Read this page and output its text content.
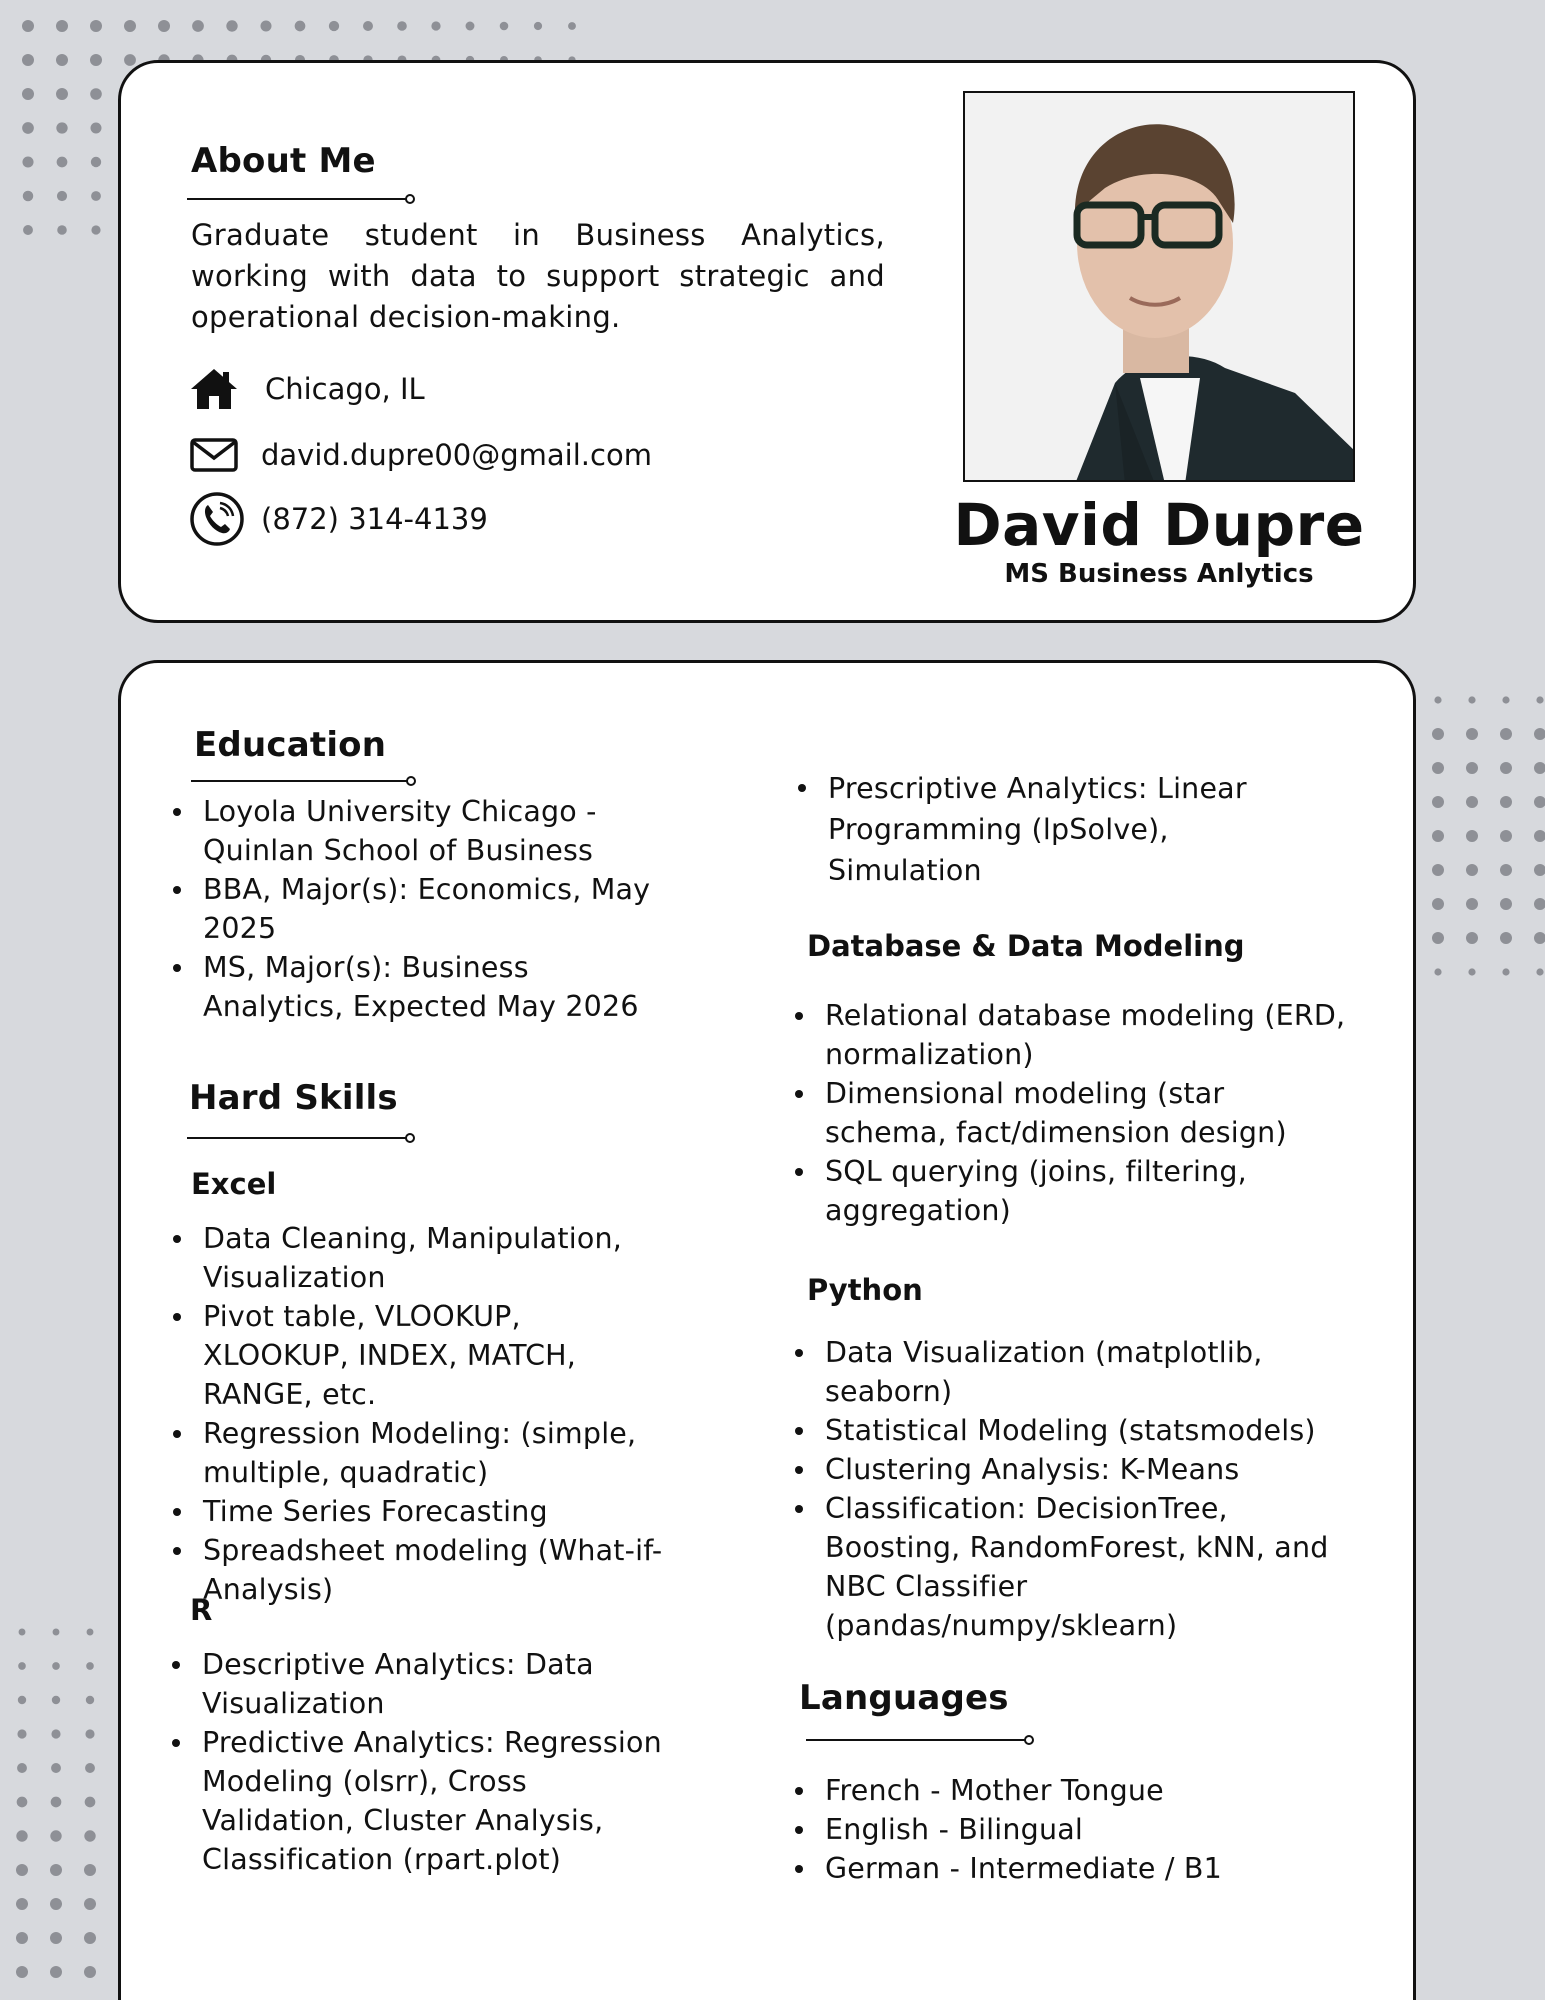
About Me
Graduate student in Business Analytics, working with data to support strategic and operational decision-making.
Chicago, IL
david.dupre00@gmail.com
(872) 314-4139	David Dupre
MS Business Anlytics
Education
Loyola University Chicago - Quinlan School of Business
BBA, Major(s): Economics, May 2025
MS, Major(s): Business Analytics, Expected May 2026
Hard Skills
Excel
Data Cleaning, Manipulation, Visualization
Pivot table, VLOOKUP, XLOOKUP, INDEX, MATCH, RANGE, etc.
Regression Modeling: (simple, multiple, quadratic)
Time Series Forecasting
Spreadsheet modeling (What-if-Analysis)
R
Descriptive Analytics: Data Visualization
Predictive Analytics: Regression Modeling (olsrr), Cross Validation, Cluster Analysis, Classification (rpart.plot)
Prescriptive Analytics: Linear Programming (lpSolve), Simulation
Database & Data Modeling
Relational database modeling (ERD, normalization)
Dimensional modeling (star schema, fact/dimension design)
SQL querying (joins, filtering, aggregation)
Python
Data Visualization (matplotlib, seaborn)
Statistical Modeling (statsmodels)
Clustering Analysis: K-Means
Classification: DecisionTree, Boosting, RandomForest, kNN, and NBC Classifier (pandas/numpy/sklearn)
Languages
French - Mother Tongue
English - Bilingual
German - Intermediate / B1
